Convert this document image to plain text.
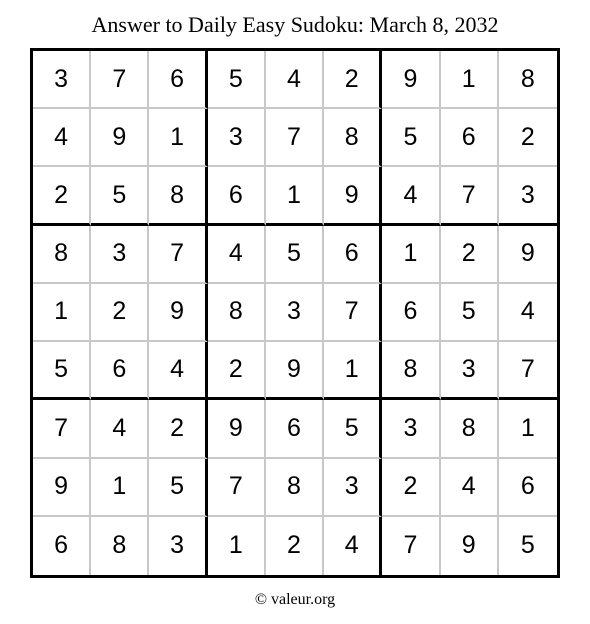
Answer to Daily Easy Sudoku: March 8, 2032
3	7	6	5	4	2	9	1	8
4	9	1	3	7	8	5	6	2
2	5	8	6	1	9	4	7	3
8	3	7	4	5	6	1	2	9
1	2	9	8	3	7	6	5	4
5	6	4	2	9	1	8	3	7
7	4	2	9	6	5	3	8	1
9	1	5	7	8	3	2	4	6
6	8	3	1	2	4	7	9	5
© valeur.org
